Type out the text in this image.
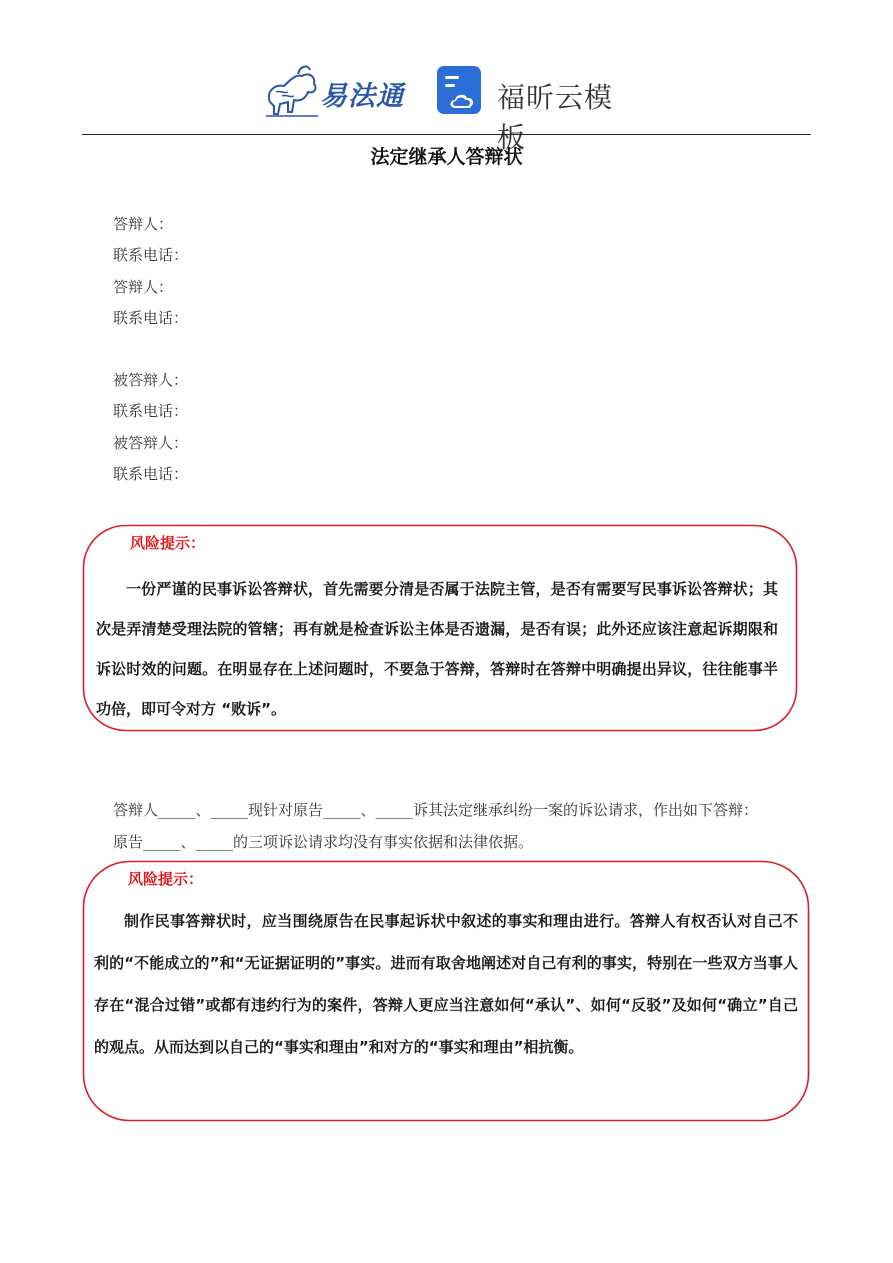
易法通	福昕云模板
法定继承人答辩状
答辩人：
联系电话：
答辩人：
联系电话：
被答辩人：
联系电话：
被答辩人：
联系电话：
风险提示：
一份严谨的民事诉讼答辩状，首先需要分清是否属于法院主管，是否有需要写民事诉讼答辩状；其次是弄清楚受理法院的管辖；再有就是检查诉讼主体是否遗漏，是否有误；此外还应该注意起诉期限和诉讼时效的问题。在明显存在上述问题时，不要急于答辩，答辩时在答辩中明确提出异议，往往能事半功倍，即可令对方 “败诉”。
答辩人_____、_____现针对原告_____、_____诉其法定继承纠纷一案的诉讼请求，作出如下答辩：
原告_____、_____的三项诉讼请求均没有事实依据和法律依据。
风险提示：
制作民事答辩状时，应当围绕原告在民事起诉状中叙述的事实和理由进行。答辩人有权否认对自己不利的“不能成立的”和“无证据证明的”事实。进而有取舍地阐述对自己有利的事实，特别在一些双方当事人存在“混合过错”或都有违约行为的案件，答辩人更应当注意如何“承认”、如何“反驳”及如何“确立”自己的观点。从而达到以自己的“事实和理由”和对方的“事实和理由”相抗衡。
